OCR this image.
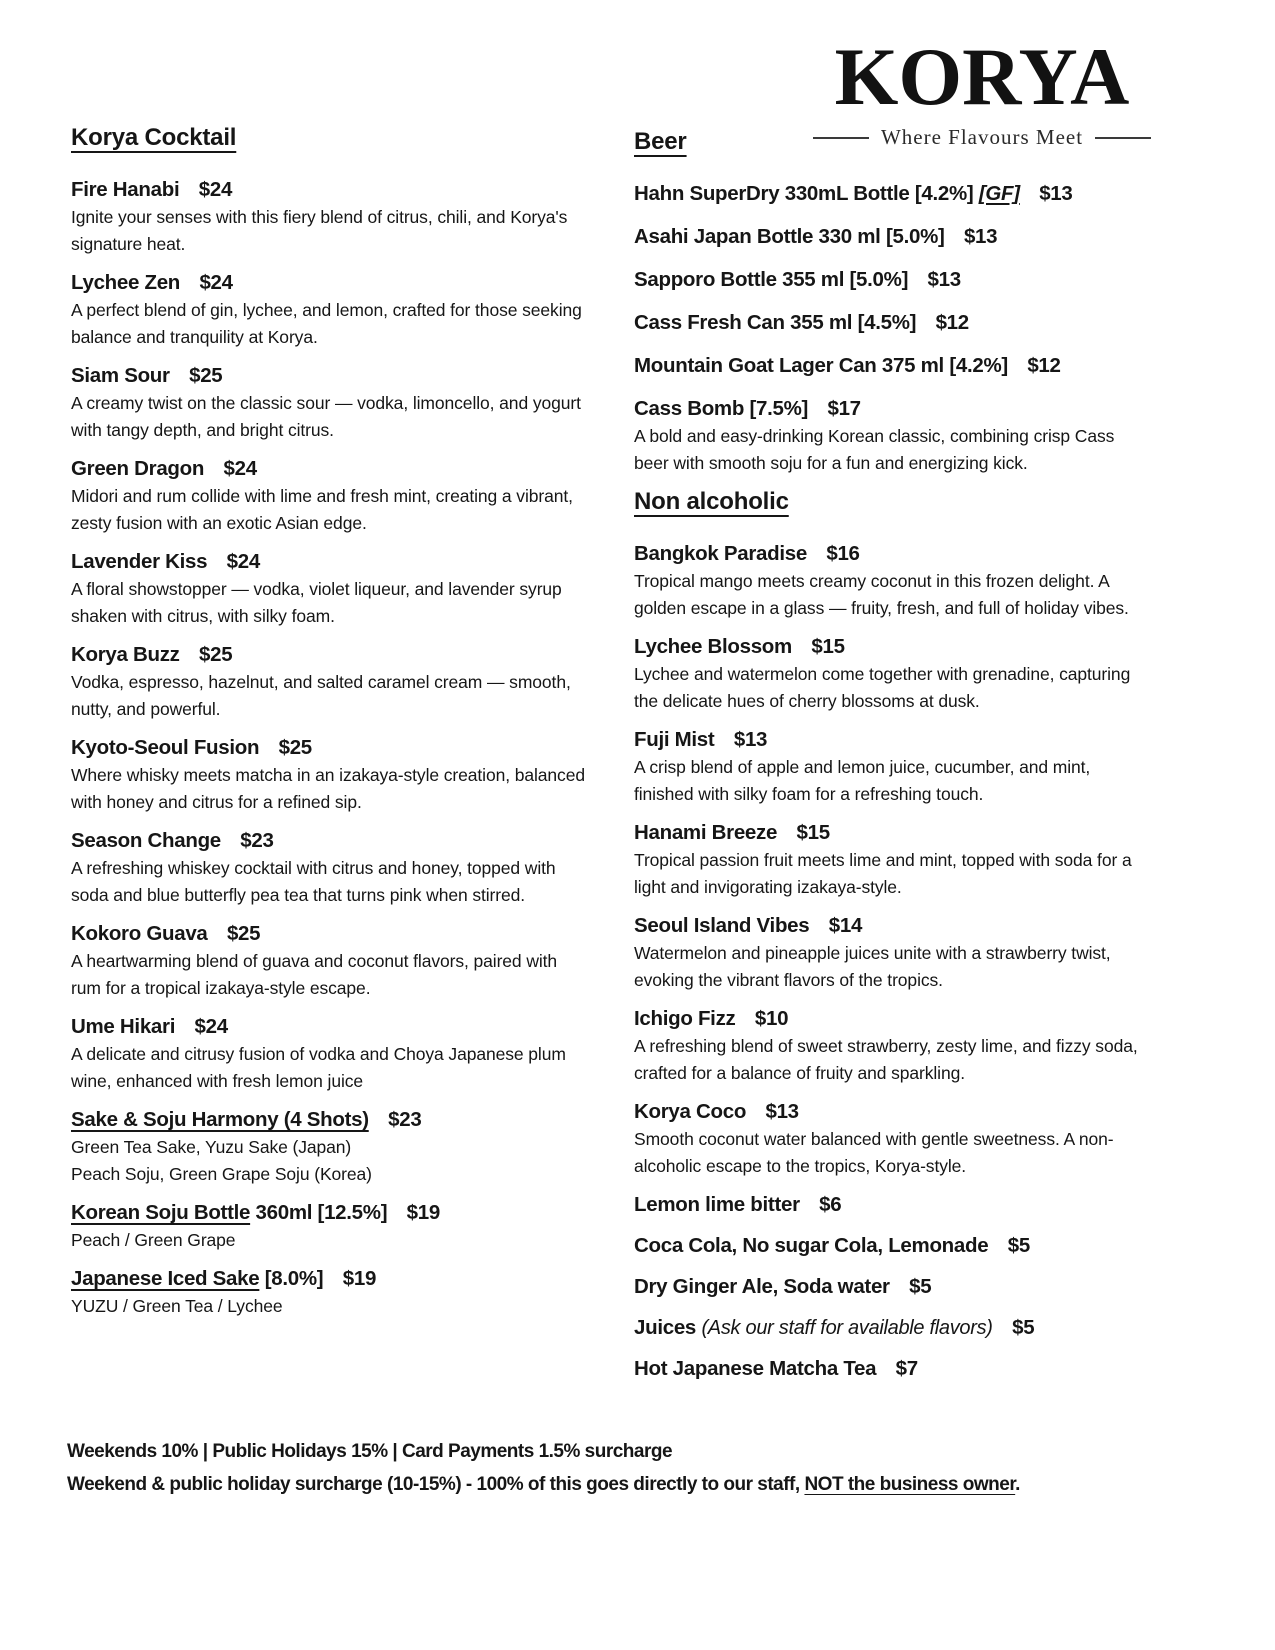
KORYA
Where Flavours Meet
Korya Cocktail
Fire Hanabi $24
Ignite your senses with this fiery blend of citrus, chili, and Korya's signature heat.
Lychee Zen $24
A perfect blend of gin, lychee, and lemon, crafted for those seeking balance and tranquility at Korya.
Siam Sour $25
A creamy twist on the classic sour — vodka, limoncello, and yogurt with tangy depth, and bright citrus.
Green Dragon $24
Midori and rum collide with lime and fresh mint, creating a vibrant, zesty fusion with an exotic Asian edge.
Lavender Kiss $24
A floral showstopper — vodka, violet liqueur, and lavender syrup shaken with citrus, with silky foam.
Korya Buzz $25
Vodka, espresso, hazelnut, and salted caramel cream — smooth, nutty, and powerful.
Kyoto-Seoul Fusion $25
Where whisky meets matcha in an izakaya-style creation, balanced with honey and citrus for a refined sip.
Season Change $23
A refreshing whiskey cocktail with citrus and honey, topped with soda and blue butterfly pea tea that turns pink when stirred.
Kokoro Guava $25
A heartwarming blend of guava and coconut flavors, paired with rum for a tropical izakaya-style escape.
Ume Hikari $24
A delicate and citrusy fusion of vodka and Choya Japanese plum wine, enhanced with fresh lemon juice
Sake & Soju Harmony (4 Shots) $23
Green Tea Sake, Yuzu Sake (Japan)
Peach Soju, Green Grape Soju (Korea)
Korean Soju Bottle 360ml [12.5%] $19
Peach / Green Grape
Japanese Iced Sake [8.0%] $19
YUZU / Green Tea / Lychee
Beer
Hahn SuperDry 330mL Bottle [4.2%] [GF] $13
Asahi Japan Bottle 330 ml [5.0%] $13
Sapporo Bottle 355 ml [5.0%] $13
Cass Fresh Can 355 ml [4.5%] $12
Mountain Goat Lager Can 375 ml [4.2%] $12
Cass Bomb [7.5%] $17
A bold and easy-drinking Korean classic, combining crisp Cass beer with smooth soju for a fun and energizing kick.
Non alcoholic
Bangkok Paradise $16
Tropical mango meets creamy coconut in this frozen delight. A golden escape in a glass — fruity, fresh, and full of holiday vibes.
Lychee Blossom $15
Lychee and watermelon come together with grenadine, capturing the delicate hues of cherry blossoms at dusk.
Fuji Mist $13
A crisp blend of apple and lemon juice, cucumber, and mint, finished with silky foam for a refreshing touch.
Hanami Breeze $15
Tropical passion fruit meets lime and mint, topped with soda for a light and invigorating izakaya-style.
Seoul Island Vibes $14
Watermelon and pineapple juices unite with a strawberry twist, evoking the vibrant flavors of the tropics.
Ichigo Fizz $10
A refreshing blend of sweet strawberry, zesty lime, and fizzy soda, crafted for a balance of fruity and sparkling.
Korya Coco $13
Smooth coconut water balanced with gentle sweetness. A non-alcoholic escape to the tropics, Korya-style.
Lemon lime bitter $6
Coca Cola, No sugar Cola, Lemonade $5
Dry Ginger Ale, Soda water $5
Juices (Ask our staff for available flavors) $5
Hot Japanese Matcha Tea $7
Weekends 10% | Public Holidays 15% | Card Payments 1.5% surcharge
Weekend & public holiday surcharge (10-15%) - 100% of this goes directly to our staff, NOT the business owner.
